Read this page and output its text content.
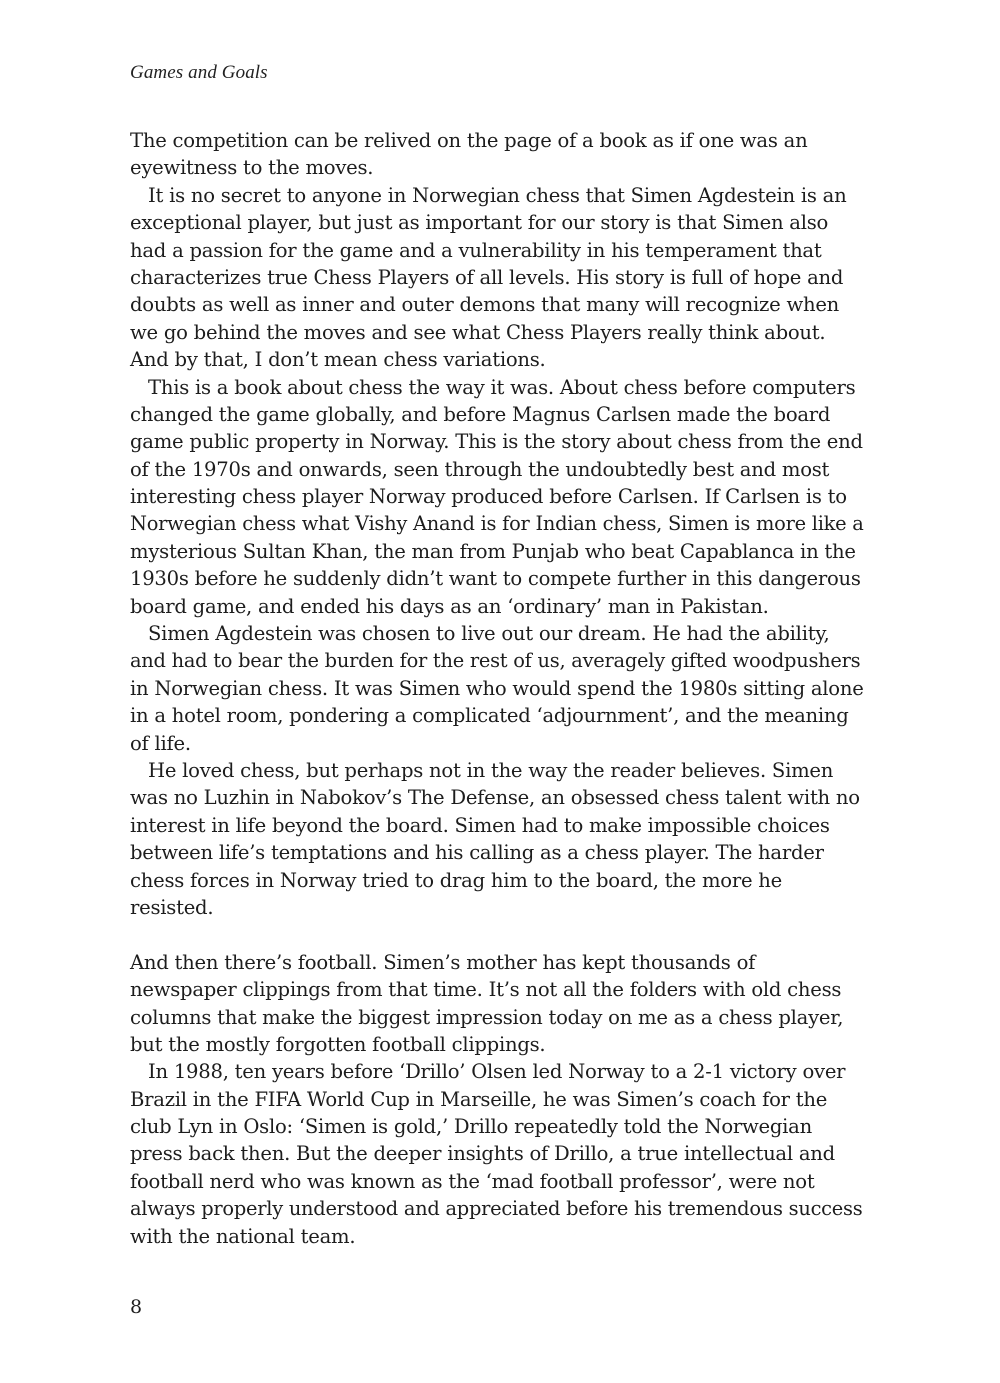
Games and Goals
The competition can be relived on the page of a book as if one was an
eyewitness to the moves.
It is no secret to anyone in Norwegian chess that Simen Agdestein is an
exceptional player, but just as important for our story is that Simen also
had a passion for the game and a vulnerability in his temperament that
characterizes true Chess Players of all levels. His story is full of hope and
doubts as well as inner and outer demons that many will recognize when
we go behind the moves and see what Chess Players really think about.
And by that, I don’t mean chess variations.
This is a book about chess the way it was. About chess before computers
changed the game globally, and before Magnus Carlsen made the board
game public property in Norway. This is the story about chess from the end
of the 1970s and onwards, seen through the undoubtedly best and most
interesting chess player Norway produced before Carlsen. If Carlsen is to
Norwegian chess what Vishy Anand is for Indian chess, Simen is more like a
mysterious Sultan Khan, the man from Punjab who beat Capablanca in the
1930s before he suddenly didn’t want to compete further in this dangerous
board game, and ended his days as an ‘ordinary’ man in Pakistan.
Simen Agdestein was chosen to live out our dream. He had the ability,
and had to bear the burden for the rest of us, averagely gifted woodpushers
in Norwegian chess. It was Simen who would spend the 1980s sitting alone
in a hotel room, pondering a complicated ‘adjournment’, and the meaning
of life.
He loved chess, but perhaps not in the way the reader believes. Simen
was no Luzhin in Nabokov’s The Defense, an obsessed chess talent with no
interest in life beyond the board. Simen had to make impossible choices
between life’s temptations and his calling as a chess player. The harder
chess forces in Norway tried to drag him to the board, the more he
resisted.
And then there’s football. Simen’s mother has kept thousands of
newspaper clippings from that time. It’s not all the folders with old chess
columns that make the biggest impression today on me as a chess player,
but the mostly forgotten football clippings.
In 1988, ten years before ‘Drillo’ Olsen led Norway to a 2-1 victory over
Brazil in the FIFA World Cup in Marseille, he was Simen’s coach for the
club Lyn in Oslo: ‘Simen is gold,’ Drillo repeatedly told the Norwegian
press back then. But the deeper insights of Drillo, a true intellectual and
football nerd who was known as the ‘mad football professor’, were not
always properly understood and appreciated before his tremendous success
with the national team.
8
